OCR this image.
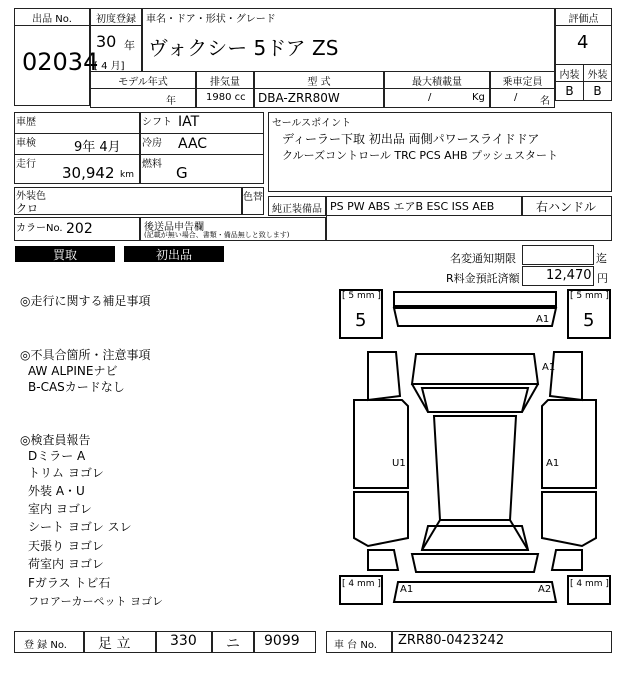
出品 No.
02034
初度登録
30 年
[ 4 月]
車名・ドア・形状・グレード
ヴォクシー 5ドア ZS
評価点
4
内装 外装
B	B
モデル年式
年
排気量
1980 cc
型 式
DBA-ZRR80W
最大積載量
/	Kg
乗車定員
/ 名
車歴	シフト IAT
車検	9年 4月 冷房 AAC
走行 30,942 km
燃料 G
外装色
クロ
色替
カラーNo. 202	後送品申告欄
(記載が無い場合、書類・備品無しと致します)
セールスポイント
ディーラー下取 初出品 両側パワースライドドア
クルーズコントロール TRC PCS AHB プッシュスタート
純正装備品 PS PW ABS エアB ESC ISS AEB	右ハンドル
買取	初出品	名変通知期限	迄
R料金預託済額 12,470 円
◎走行に関する補足事項
◎不具合箇所・注意事項
AW ALPINEナビ
B-CASカードなし
◎検査員報告
Dミラー A
トリム ヨゴレ
外装 A・U
室内 ヨゴレ
シート ヨゴレ スレ
天張り ヨゴレ
荷室内 ヨゴレ
Fガラス トビ石
フロアーカーペット ヨゴレ
[ 5 mm ]	[ 5 mm ]
[ 4 mm ]	[ 4 mm ]
5	5
A1
A1
U1	A1
A1	A2
登 録 No. 足 立	330 ニ 9099	車 台 No. ZRR80-0423242
